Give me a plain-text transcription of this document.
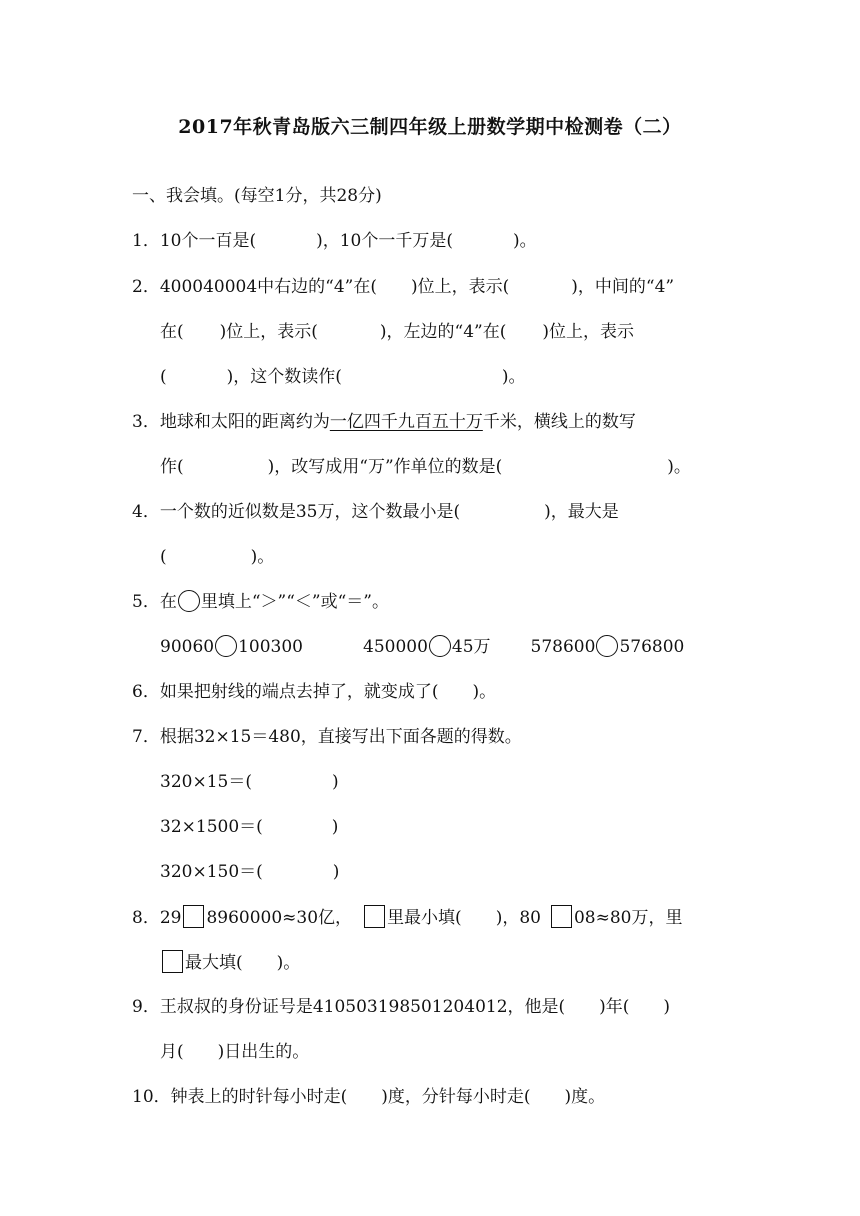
2017年秋青岛版六三制四年级上册数学期中检测卷（二）
一、我会填。(每空1分，共28分)
1．10个一百是(	)，10个一千万是(	)。
2．400040004中右边的“4”在( )位上，表示(	)，中间的“4”
在( )位上，表示(	)，左边的“4”在( )位上，表示
(	)，这个数读作(	)。
3．地球和太阳的距离约为一亿四千九百五十万千米，横线上的数写
作(	)，改写成用“万”作单位的数是(	)。
4．一个数的近似数是35万，这个数最小是(	)，最大是
(	)。
5．在 里填上“＞”“＜”或“＝”。
90060 100300	450000 45万 578600 576800
6．如果把射线的端点去掉了，就变成了( )。
7．根据32×15＝480，直接写出下面各题的得数。
320×15＝(	)
32×1500＝(	)
320×150＝(	)
8．29 8960000≈30亿， 里最小填( )，80 08≈80万，里
最大填( )。
9．王叔叔的身份证号是410503198501204012，他是( )年( )
月( )日出生的。
10．钟表上的时针每小时走( )度，分针每小时走( )度。
